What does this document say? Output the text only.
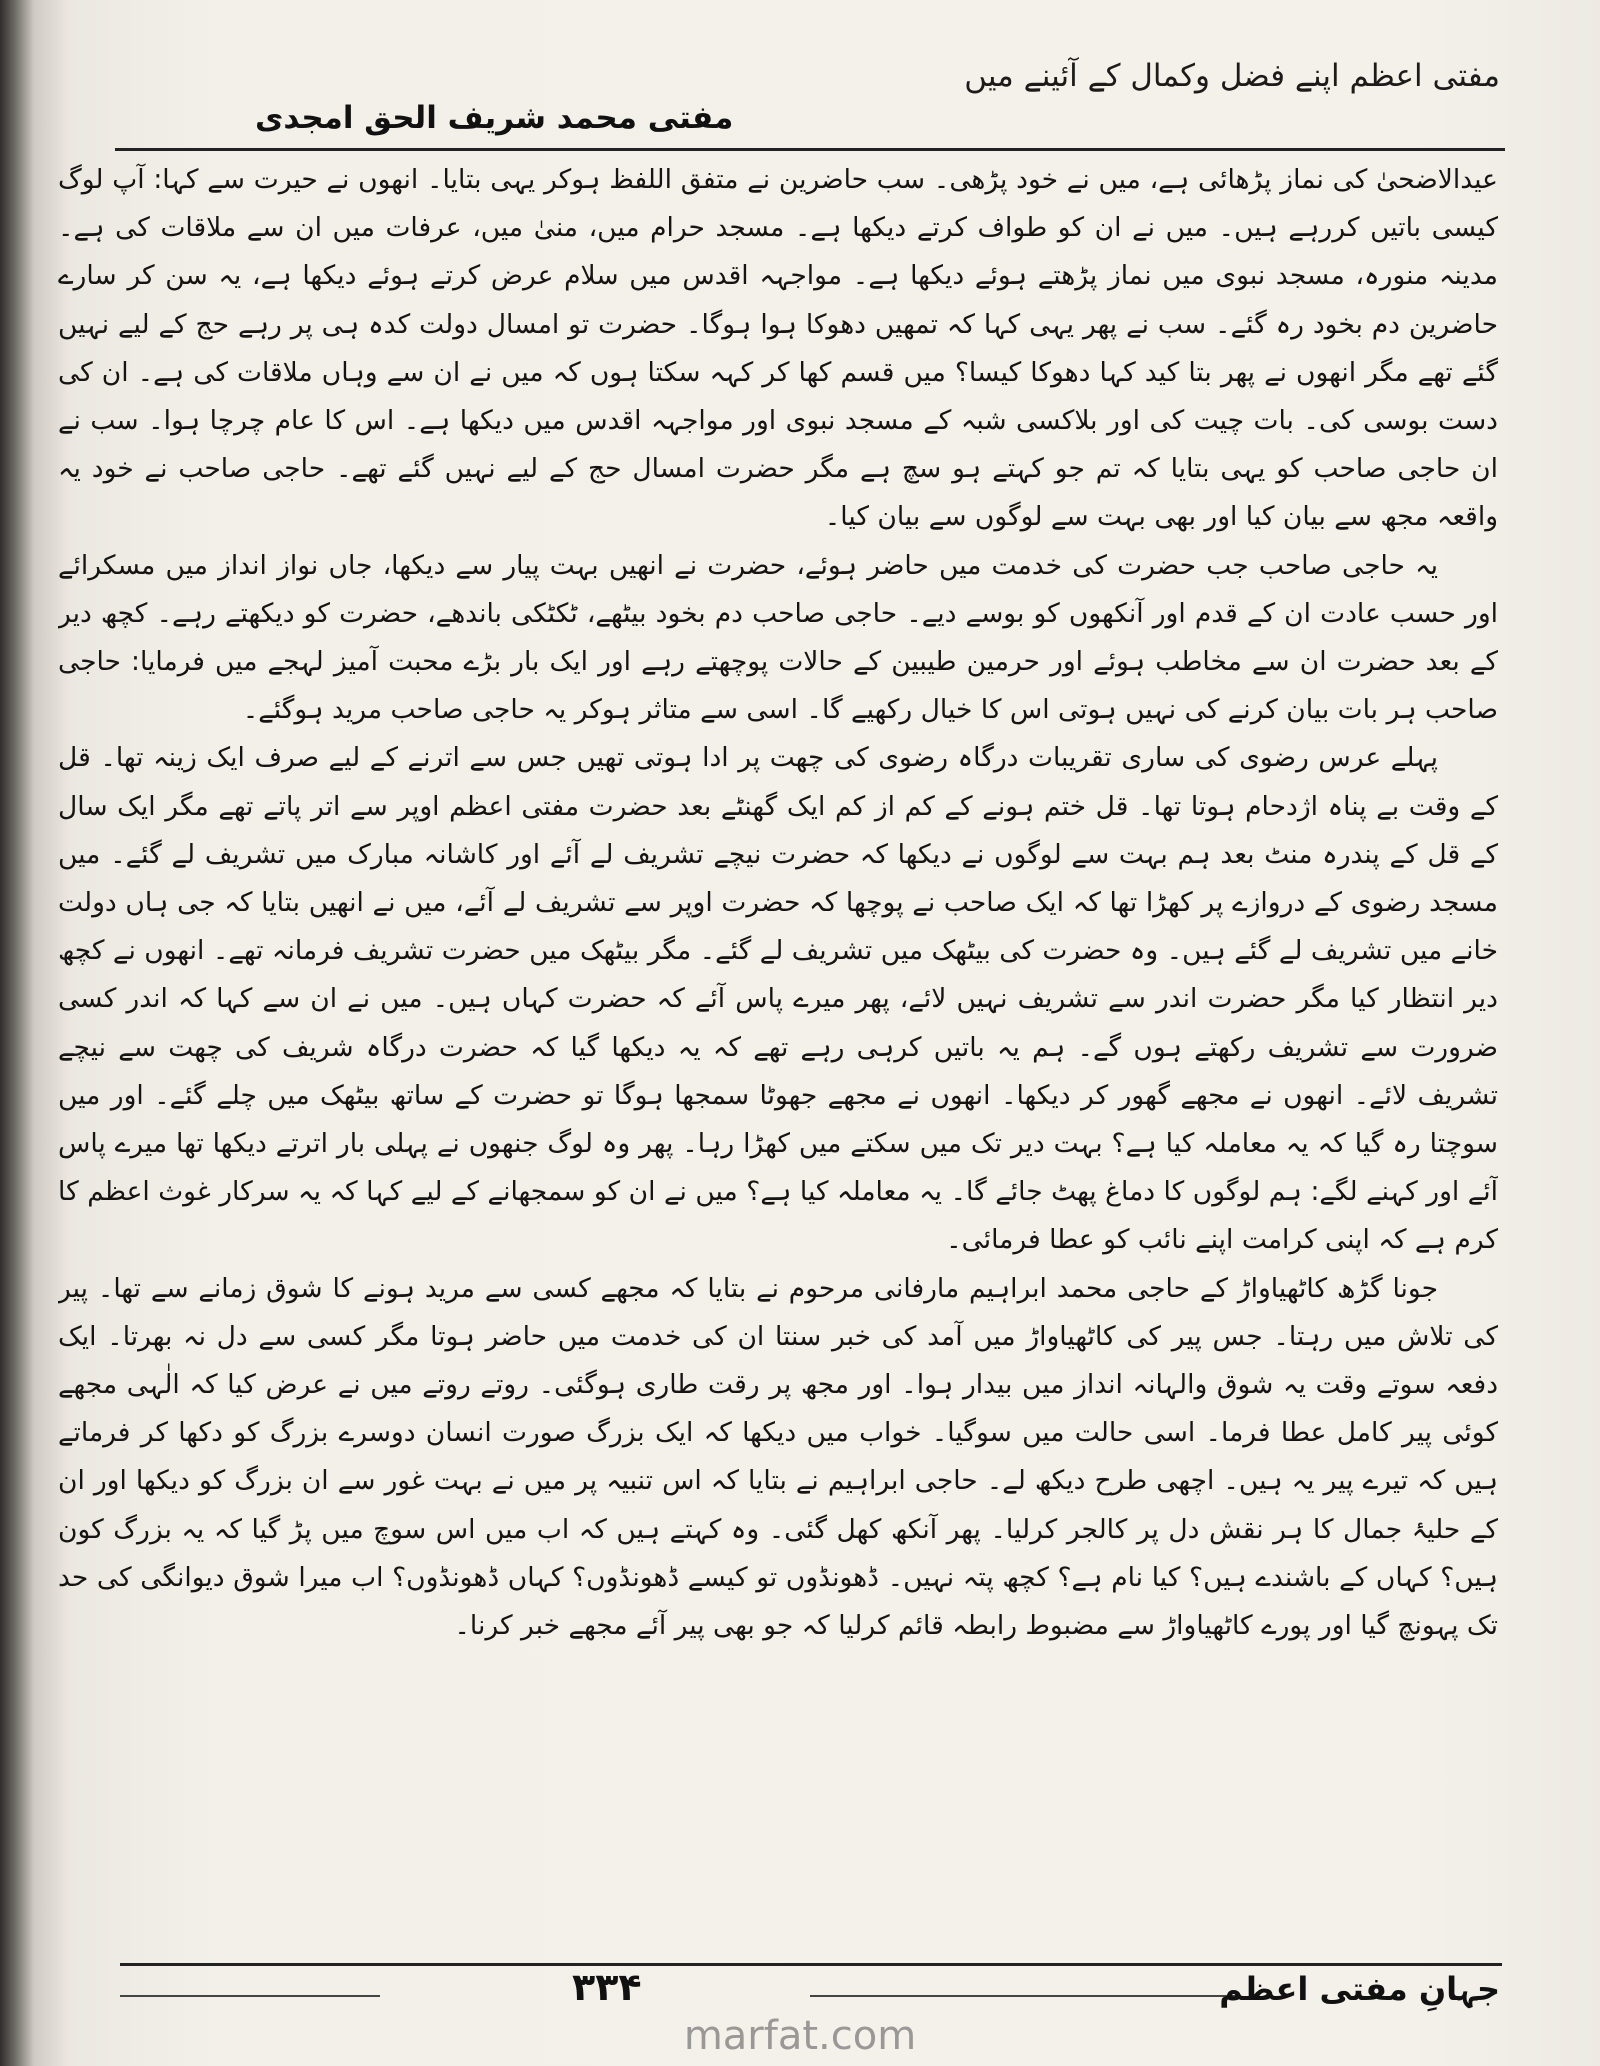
مفتی اعظم اپنے فضل وکمال کے آئینے میں
مفتی محمد شریف الحق امجدی

عیدالاضحیٰ کی نماز پڑھائی ہے، میں نے خود پڑھی۔ سب حاضرین نے متفق اللفظ ہوکر یہی بتایا۔ انھوں نے حیرت سے کہا: آپ لوگ کیسی باتیں کررہے ہیں۔ میں نے ان کو طواف کرتے دیکھا ہے۔ مسجد حرام میں، منیٰ میں، عرفات میں ان سے ملاقات کی ہے۔ مدینہ منورہ، مسجد نبوی میں نماز پڑھتے ہوئے دیکھا ہے۔ مواجہہ اقدس میں سلام عرض کرتے ہوئے دیکھا ہے، یہ سن کر سارے حاضرین دم بخود رہ گئے۔ سب نے پھر یہی کہا کہ تمھیں دھوکا ہوا ہوگا۔ حضرت تو امسال دولت کدہ ہی پر رہے حج کے لیے نہیں گئے تھے مگر انھوں نے پھر بتا کید کہا دھوکا کیسا؟ میں قسم کھا کر کہہ سکتا ہوں کہ میں نے ان سے وہاں ملاقات کی ہے۔ ان کی دست بوسی کی۔ بات چیت کی اور بلاکسی شبہ کے مسجد نبوی اور مواجہہ اقدس میں دیکھا ہے۔ اس کا عام چرچا ہوا۔ سب نے ان حاجی صاحب کو یہی بتایا کہ تم جو کہتے ہو سچ ہے مگر حضرت امسال حج کے لیے نہیں گئے تھے۔ حاجی صاحب نے خود یہ واقعہ مجھ سے بیان کیا اور بھی بہت سے لوگوں سے بیان کیا۔

یہ حاجی صاحب جب حضرت کی خدمت میں حاضر ہوئے، حضرت نے انھیں بہت پیار سے دیکھا، جاں نواز انداز میں مسکرائے اور حسب عادت ان کے قدم اور آنکھوں کو بوسے دیے۔ حاجی صاحب دم بخود بیٹھے، ٹکٹکی باندھے، حضرت کو دیکھتے رہے۔ کچھ دیر کے بعد حضرت ان سے مخاطب ہوئے اور حرمین طیبین کے حالات پوچھتے رہے اور ایک بار بڑے محبت آمیز لہجے میں فرمایا: حاجی صاحب ہر بات بیان کرنے کی نہیں ہوتی اس کا خیال رکھیے گا۔ اسی سے متاثر ہوکر یہ حاجی صاحب مرید ہوگئے۔

پہلے عرس رضوی کی ساری تقریبات درگاہ رضوی کی چھت پر ادا ہوتی تھیں جس سے اترنے کے لیے صرف ایک زینہ تھا۔ قل کے وقت بے پناہ اژدحام ہوتا تھا۔ قل ختم ہونے کے کم از کم ایک گھنٹے بعد حضرت مفتی اعظم اوپر سے اتر پاتے تھے مگر ایک سال کے قل کے پندرہ منٹ بعد ہم بہت سے لوگوں نے دیکھا کہ حضرت نیچے تشریف لے آئے اور کاشانہ مبارک میں تشریف لے گئے۔ میں مسجد رضوی کے دروازے پر کھڑا تھا کہ ایک صاحب نے پوچھا کہ حضرت اوپر سے تشریف لے آئے، میں نے انھیں بتایا کہ جی ہاں دولت خانے میں تشریف لے گئے ہیں۔ وہ حضرت کی بیٹھک میں تشریف لے گئے۔ مگر بیٹھک میں حضرت تشریف فرمانہ تھے۔ انھوں نے کچھ دیر انتظار کیا مگر حضرت اندر سے تشریف نہیں لائے، پھر میرے پاس آئے کہ حضرت کہاں ہیں۔ میں نے ان سے کہا کہ اندر کسی ضرورت سے تشریف رکھتے ہوں گے۔ ہم یہ باتیں کرہی رہے تھے کہ یہ دیکھا گیا کہ حضرت درگاہ شریف کی چھت سے نیچے تشریف لائے۔ انھوں نے مجھے گھور کر دیکھا۔ انھوں نے مجھے جھوٹا سمجھا ہوگا تو حضرت کے ساتھ بیٹھک میں چلے گئے۔ اور میں سوچتا رہ گیا کہ یہ معاملہ کیا ہے؟ بہت دیر تک میں سکتے میں کھڑا رہا۔ پھر وہ لوگ جنھوں نے پہلی بار اترتے دیکھا تھا میرے پاس آئے اور کہنے لگے: ہم لوگوں کا دماغ پھٹ جائے گا۔ یہ معاملہ کیا ہے؟ میں نے ان کو سمجھانے کے لیے کہا کہ یہ سرکار غوث اعظم کا کرم ہے کہ اپنی کرامت اپنے نائب کو عطا فرمائی۔

جونا گڑھ کاٹھیاواڑ کے حاجی محمد ابراہیم مارفانی مرحوم نے بتایا کہ مجھے کسی سے مرید ہونے کا شوق زمانے سے تھا۔ پیر کی تلاش میں رہتا۔ جس پیر کی کاٹھیاواڑ میں آمد کی خبر سنتا ان کی خدمت میں حاضر ہوتا مگر کسی سے دل نہ بھرتا۔ ایک دفعہ سوتے وقت یہ شوق والہانہ انداز میں بیدار ہوا۔ اور مجھ پر رقت طاری ہوگئی۔ روتے روتے میں نے عرض کیا کہ الٰہی مجھے کوئی پیر کامل عطا فرما۔ اسی حالت میں سوگیا۔ خواب میں دیکھا کہ ایک بزرگ صورت انسان دوسرے بزرگ کو دکھا کر فرماتے ہیں کہ تیرے پیر یہ ہیں۔ اچھی طرح دیکھ لے۔ حاجی ابراہیم نے بتایا کہ اس تنبیہ پر میں نے بہت غور سے ان بزرگ کو دیکھا اور ان کے حلیۂ جمال کا ہر نقش دل پر کالجر کرلیا۔ پھر آنکھ کھل گئی۔ وہ کہتے ہیں کہ اب میں اس سوچ میں پڑ گیا کہ یہ بزرگ کون ہیں؟ کہاں کے باشندے ہیں؟ کیا نام ہے؟ کچھ پتہ نہیں۔ ڈھونڈوں تو کیسے ڈھونڈوں؟ کہاں ڈھونڈوں؟ اب میرا شوق دیوانگی کی حد تک پہونچ گیا اور پورے کاٹھیاواڑ سے مضبوط رابطہ قائم کرلیا کہ جو بھی پیر آئے مجھے خبر کرنا۔

۳۳۴	جہانِ مفتی اعظم
marfat.com
